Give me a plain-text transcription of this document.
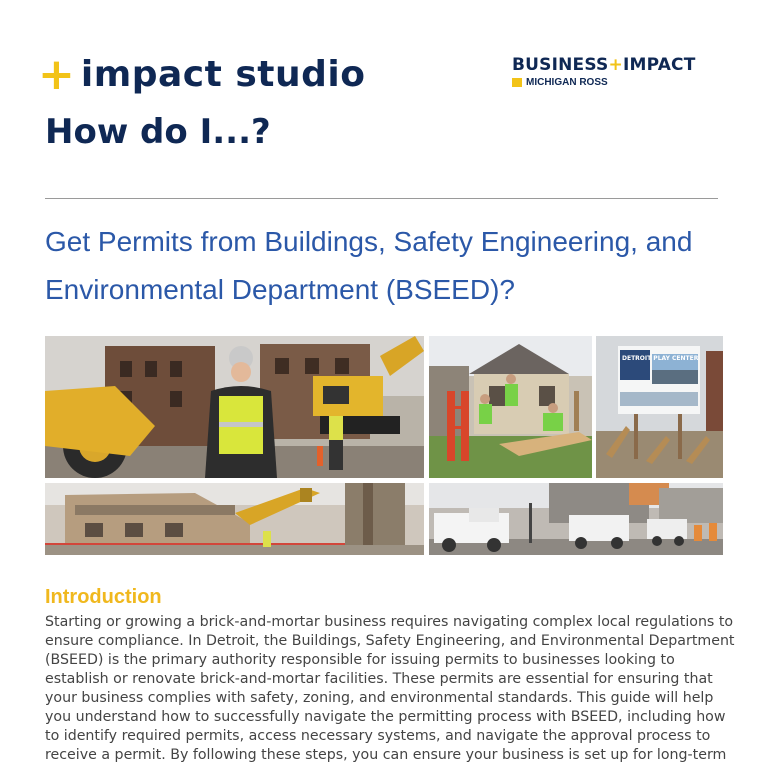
+ impact studio	BUSINESS+IMPACT
MICHIGAN ROSS
How do I...?
Get Permits from Buildings, Safety Engineering, and Environmental Department (BSEED)?
DETROIT PLAY CENTER
Introduction
Starting or growing a brick-and-mortar business requires navigating complex local regulations to ensure compliance. In Detroit, the Buildings, Safety Engineering, and Environmental Department (BSEED) is the primary authority responsible for issuing permits to businesses looking to establish or renovate brick-and-mortar facilities. These permits are essential for ensuring that your business complies with safety, zoning, and environmental standards. This guide will help you understand how to successfully navigate the permitting process with BSEED, including how to identify required permits, access necessary systems, and navigate the approval process to receive a permit. By following these steps, you can ensure your business is set up for long-term
